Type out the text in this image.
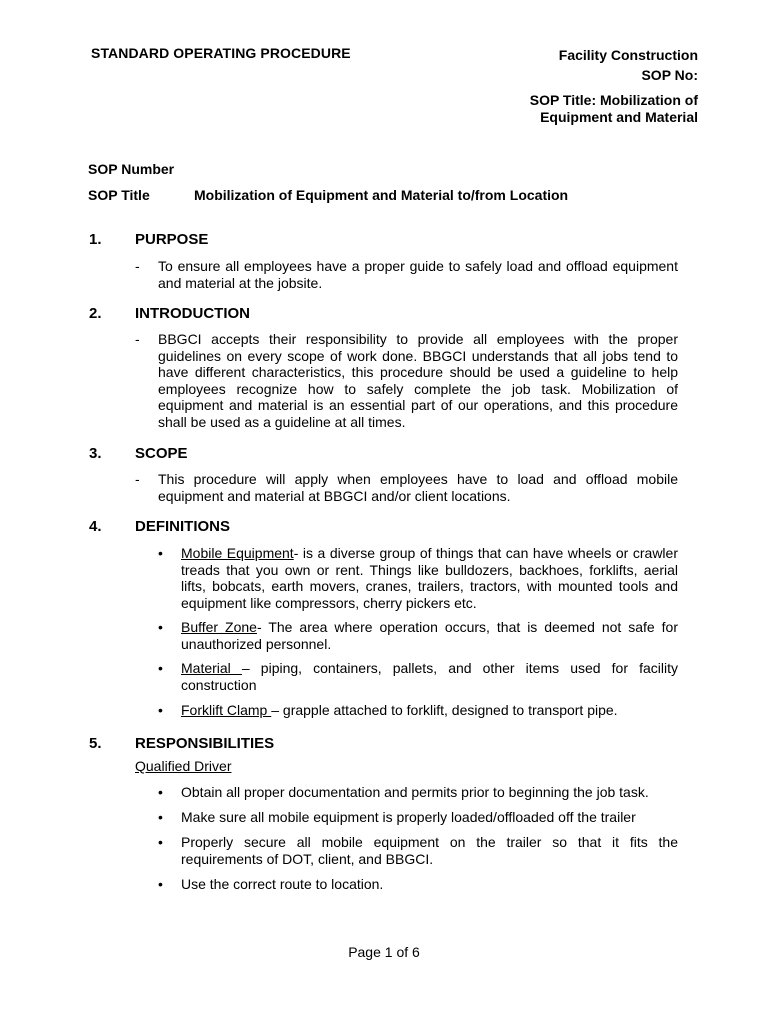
STANDARD OPERATING PROCEDURE	Facility Construction
SOP No:
SOP Title: Mobilization of
Equipment and Material
SOP Number
SOP Title	Mobilization of Equipment and Material to/from Location
1. PURPOSE
- To ensure all employees have a proper guide to safely load and offload equipment and material at the jobsite.
2. INTRODUCTION
- BBGCI accepts their responsibility to provide all employees with the proper guidelines on every scope of work done. BBGCI understands that all jobs tend to have different characteristics, this procedure should be used a guideline to help employees recognize how to safely complete the job task. Mobilization of equipment and material is an essential part of our operations, and this procedure shall be used as a guideline at all times.
3. SCOPE
- This procedure will apply when employees have to load and offload mobile equipment and material at BBGCI and/or client locations.
4. DEFINITIONS
• Mobile Equipment- is a diverse group of things that can have wheels or crawler treads that you own or rent. Things like bulldozers, backhoes, forklifts, aerial lifts, bobcats, earth movers, cranes, trailers, tractors, with mounted tools and equipment like compressors, cherry pickers etc.
• Buffer Zone- The area where operation occurs, that is deemed not safe for unauthorized personnel.
• Material – piping, containers, pallets, and other items used for facility construction
• Forklift Clamp – grapple attached to forklift, designed to transport pipe.
5. RESPONSIBILITIES
Qualified Driver
• Obtain all proper documentation and permits prior to beginning the job task.
• Make sure all mobile equipment is properly loaded/offloaded off the trailer
• Properly secure all mobile equipment on the trailer so that it fits the requirements of DOT, client, and BBGCI.
• Use the correct route to location.
Page 1 of 6
